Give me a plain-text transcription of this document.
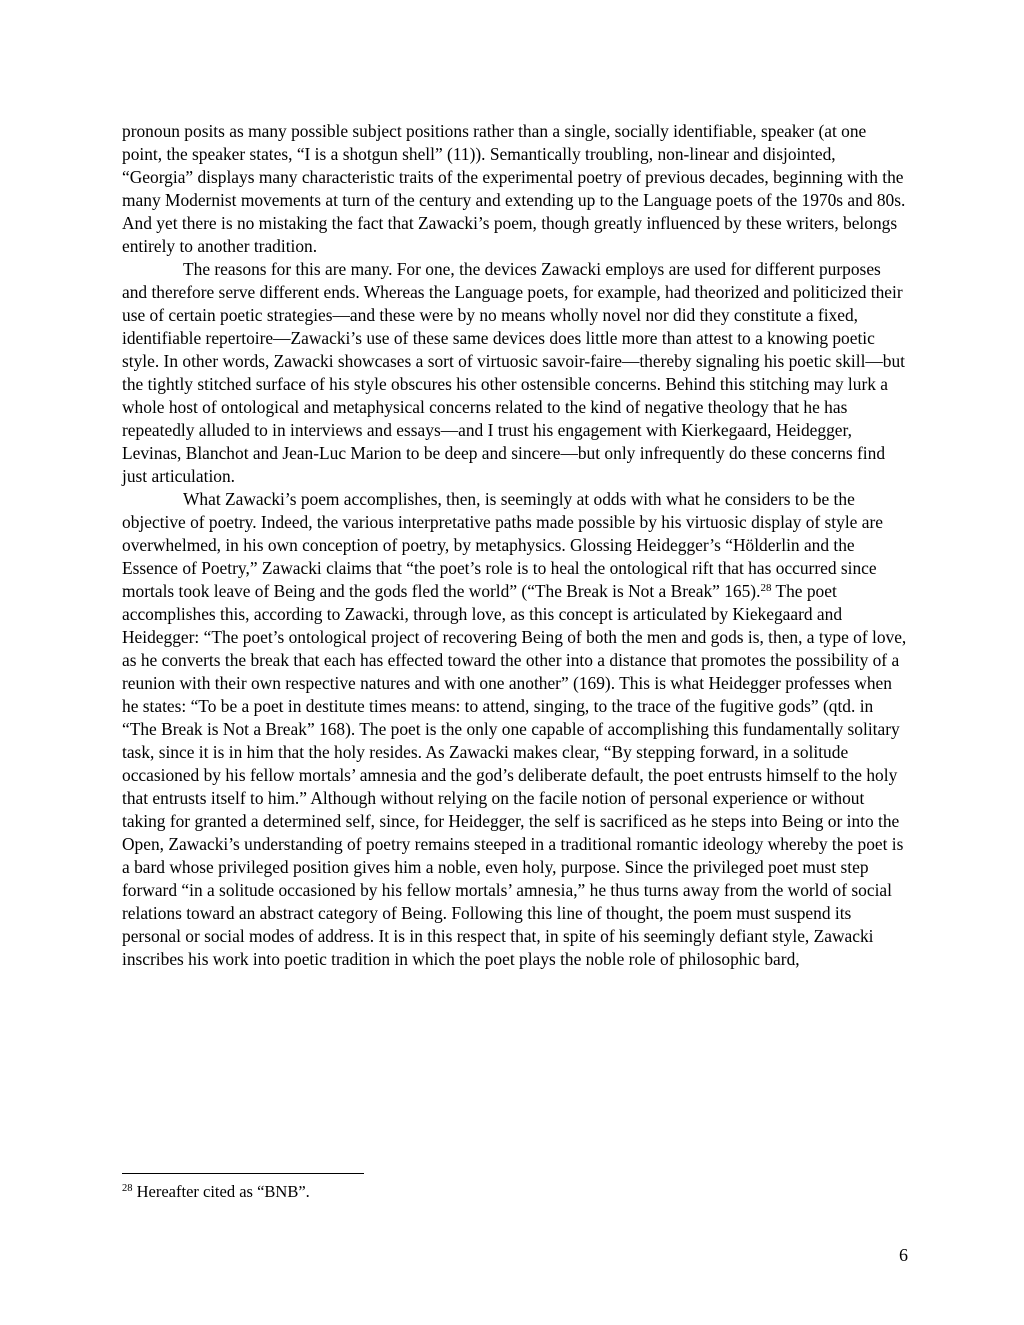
pronoun posits as many possible subject positions rather than a single, socially identifiable, speaker (at one point, the speaker states, “I is a shotgun shell” (11)). Semantically troubling, non-linear and disjointed, “Georgia” displays many characteristic traits of the experimental poetry of previous decades, beginning with the many Modernist movements at turn of the century and extending up to the Language poets of the 1970s and 80s. And yet there is no mistaking the fact that Zawacki’s poem, though greatly influenced by these writers, belongs entirely to another tradition.

The reasons for this are many. For one, the devices Zawacki employs are used for different purposes and therefore serve different ends. Whereas the Language poets, for example, had theorized and politicized their use of certain poetic strategies—and these were by no means wholly novel nor did they constitute a fixed, identifiable repertoire—Zawacki’s use of these same devices does little more than attest to a knowing poetic style. In other words, Zawacki showcases a sort of virtuosic savoir-faire—thereby signaling his poetic skill—but the tightly stitched surface of his style obscures his other ostensible concerns. Behind this stitching may lurk a whole host of ontological and metaphysical concerns related to the kind of negative theology that he has repeatedly alluded to in interviews and essays—and I trust his engagement with Kierkegaard, Heidegger, Levinas, Blanchot and Jean-Luc Marion to be deep and sincere—but only infrequently do these concerns find just articulation.

What Zawacki’s poem accomplishes, then, is seemingly at odds with what he considers to be the objective of poetry. Indeed, the various interpretative paths made possible by his virtuosic display of style are overwhelmed, in his own conception of poetry, by metaphysics. Glossing Heidegger’s “Hölderlin and the Essence of Poetry,” Zawacki claims that “the poet’s role is to heal the ontological rift that has occurred since mortals took leave of Being and the gods fled the world” (“The Break is Not a Break” 165).$^{28}$ The poet accomplishes this, according to Zawacki, through love, as this concept is articulated by Kiekegaard and Heidegger: “The poet’s ontological project of recovering Being of both the men and gods is, then, a type of love, as he converts the break that each has effected toward the other into a distance that promotes the possibility of a reunion with their own respective natures and with one another” (169). This is what Heidegger professes when he states: “To be a poet in destitute times means: to attend, singing, to the trace of the fugitive gods” (qtd. in “The Break is Not a Break” 168). The poet is the only one capable of accomplishing this fundamentally solitary task, since it is in him that the holy resides. As Zawacki makes clear, “By stepping forward, in a solitude occasioned by his fellow mortals’ amnesia and the god’s deliberate default, the poet entrusts himself to the holy that entrusts itself to him.” Although without relying on the facile notion of personal experience or without taking for granted a determined self, since, for Heidegger, the self is sacrificed as he steps into Being or into the Open, Zawacki’s understanding of poetry remains steeped in a traditional romantic ideology whereby the poet is a bard whose privileged position gives him a noble, even holy, purpose. Since the privileged poet must step forward “in a solitude occasioned by his fellow mortals’ amnesia,” he thus turns away from the world of social relations toward an abstract category of Being. Following this line of thought, the poem must suspend its personal or social modes of address. It is in this respect that, in spite of his seemingly defiant style, Zawacki inscribes his work into poetic tradition in which the poet plays the noble role of philosophic bard,

$^{28}$ Hereafter cited as “BNB”.
6
